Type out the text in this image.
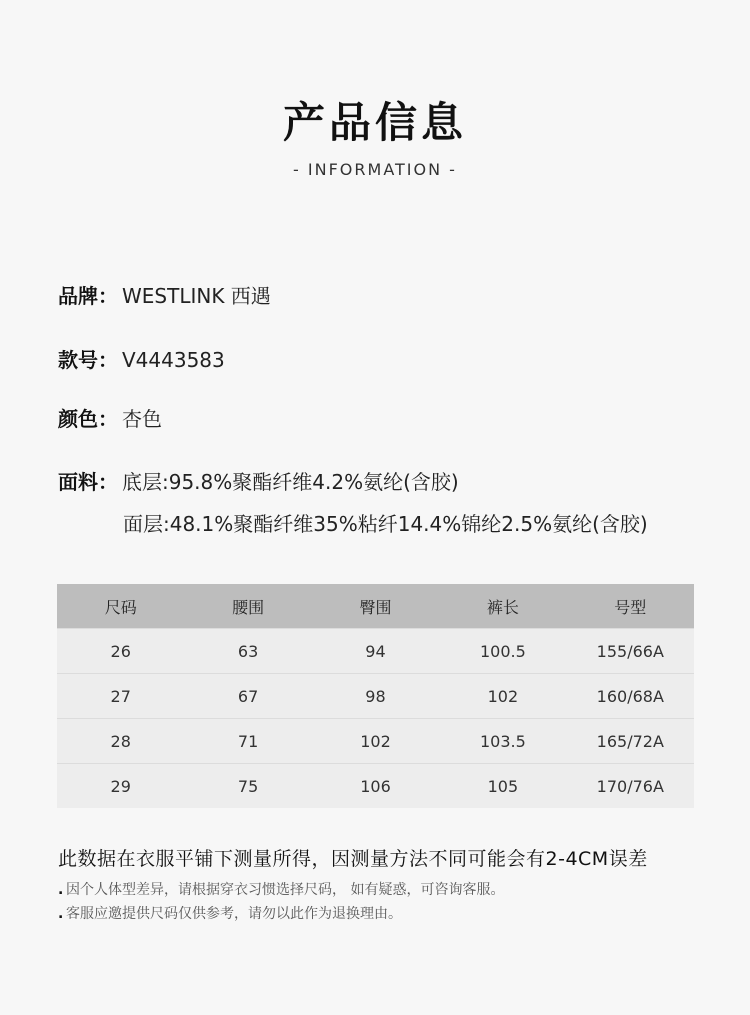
产品信息
- INFORMATION -
品牌： WESTLINK 西遇
款号： V4443583
颜色： 杏色
面料： 底层:95.8%聚酯纤维4.2%氨纶(含胶)
面层:48.1%聚酯纤维35%粘纤14.4%锦纶2.5%氨纶(含胶)
尺码	腰围	臀围	裤长	号型
26	63	94	100.5	155/66A
27	67	98	102	160/68A
28	71	102	103.5	165/72A
29	75	106	105	170/76A
此数据在衣服平铺下测量所得，因测量方法不同可能会有2-4CM误差
. 因个人体型差异，请根据穿衣习惯选择尺码， 如有疑惑，可咨询客服。
. 客服应邀提供尺码仅供参考，请勿以此作为退换理由。
